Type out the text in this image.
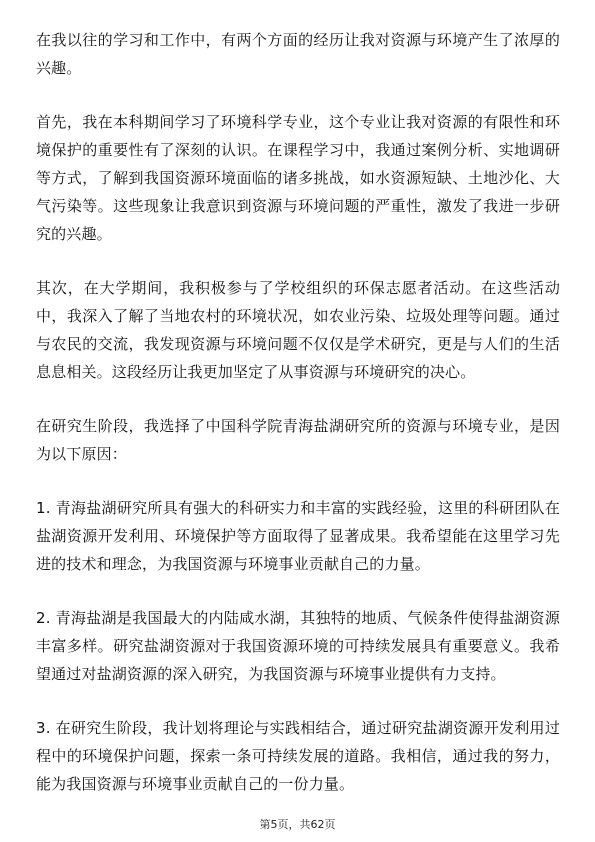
在我以往的学习和工作中，有两个方面的经历让我对资源与环境产生了浓厚的兴趣。

首先，我在本科期间学习了环境科学专业，这个专业让我对资源的有限性和环境保护的重要性有了深刻的认识。在课程学习中，我通过案例分析、实地调研等方式，了解到我国资源环境面临的诸多挑战，如水资源短缺、土地沙化、大气污染等。这些现象让我意识到资源与环境问题的严重性，激发了我进一步研究的兴趣。

其次，在大学期间，我积极参与了学校组织的环保志愿者活动。在这些活动中，我深入了解了当地农村的环境状况，如农业污染、垃圾处理等问题。通过与农民的交流，我发现资源与环境问题不仅仅是学术研究，更是与人们的生活息息相关。这段经历让我更加坚定了从事资源与环境研究的决心。

在研究生阶段，我选择了中国科学院青海盐湖研究所的资源与环境专业，是因为以下原因：

1. 青海盐湖研究所具有强大的科研实力和丰富的实践经验，这里的科研团队在盐湖资源开发利用、环境保护等方面取得了显著成果。我希望能在这里学习先进的技术和理念，为我国资源与环境事业贡献自己的力量。

2. 青海盐湖是我国最大的内陆咸水湖，其独特的地质、气候条件使得盐湖资源丰富多样。研究盐湖资源对于我国资源环境的可持续发展具有重要意义。我希望通过对盐湖资源的深入研究，为我国资源与环境事业提供有力支持。

3. 在研究生阶段，我计划将理论与实践相结合，通过研究盐湖资源开发利用过程中的环境保护问题，探索一条可持续发展的道路。我相信，通过我的努力，能为我国资源与环境事业贡献自己的一份力量。

第5页，共62页
